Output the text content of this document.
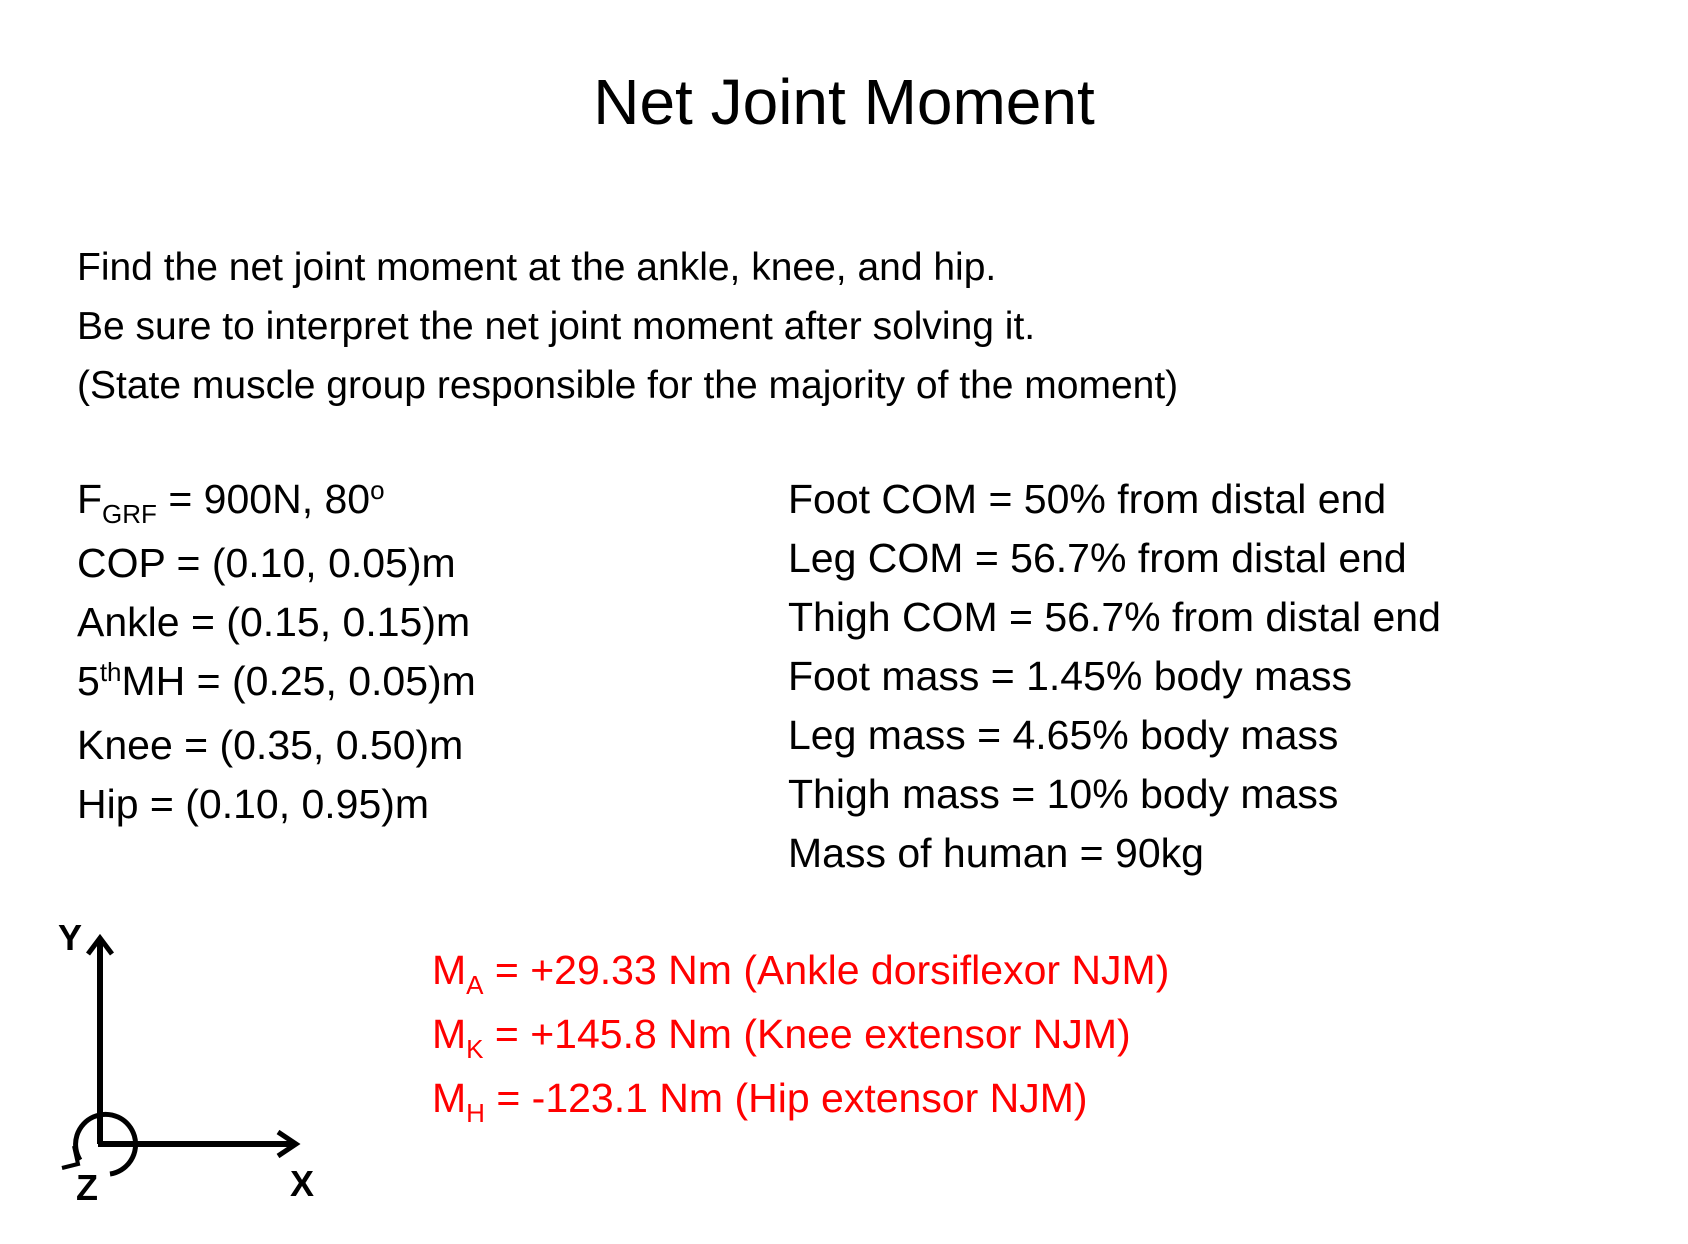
Net Joint Moment
Find the net joint moment at the ankle, knee, and hip.
Be sure to interpret the net joint moment after solving it.
(State muscle group responsible for the majority of the moment)
$F_{GRF} = 900N$, 80$^o$
COP = (0.10, 0.05)m
Ankle = (0.15, 0.15)m
5thMH = (0.25, 0.05)m
Knee = (0.35, 0.50)m
Hip = (0.10, 0.95)m
Foot COM = 50% from distal end
Leg COM = 56.7% from distal end
Thigh COM = 56.7% from distal end
Foot mass = 1.45% body mass
Leg mass = 4.65% body mass
Thigh mass = 10% body mass
Mass of human = 90kg
$M_A = +29.33$ Nm (Ankle dorsiflexor NJM)
$M_K = +145.8$ Nm (Knee extensor NJM)
$M_H = -123.1$ Nm (Hip extensor NJM)
Y
X
Z
